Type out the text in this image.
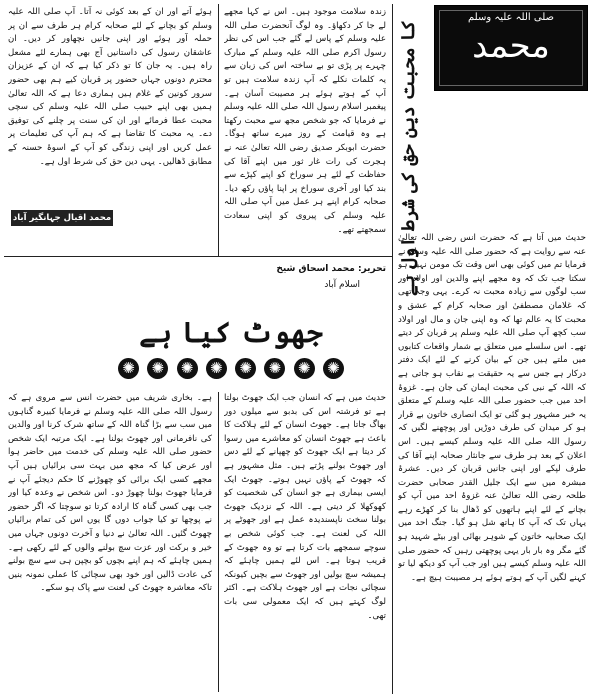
صلی اللہ علیہ وسلم
محمد
کا محبت دین حق کی شرط اول ہے

حدیث میں آتا ہے کہ حضرت انس رضی اللہ تعالیٰ عنہ سے روایت ہے کہ حضور صلی اللہ علیہ وسلم نے فرمایا تم میں کوئی بھی اس وقت تک مومن نہیں ہو سکتا جب تک کہ وہ مجھے اپنے والدین اور اولاد اور سب لوگوں سے زیادہ محبت نہ کرے۔ یہی وجہ تھی کہ غلامان مصطفیٰ اور صحابہ کرام کے عشق و محبت کا یہ عالم تھا کہ وہ اپنی جان و مال اور اولاد سب کچھ آپ صلی اللہ علیہ وسلم پر قربان کر دیتے تھے۔ اس سلسلے میں متعلق بے شمار واقعات کتابوں میں ملتے ہیں جن کے بیان کرنے کے لئے ایک دفتر درکار ہے جس سے یہ حقیقت بے نقاب ہو جاتی ہے کہ اللہ کے نبی کی محبت ایمان کی جان ہے۔ غزوۂ احد میں جب حضور صلی اللہ علیہ وسلم کے متعلق یہ خبر مشہور ہو گئی تو ایک انصاری خاتون بے قرار ہو کر میدان کی طرف دوڑیں اور پوچھنے لگیں کہ رسول اللہ صلی اللہ علیہ وسلم کیسے ہیں۔ اس اعلان کے بعد ہر طرف سے جانثار صحابہ اپنے آقا کی طرف لپکے اور اپنی جانیں قربان کر دیں۔ عشرۂ مبشرہ میں سے ایک جلیل القدر صحابی حضرت طلحہ رضی اللہ تعالیٰ عنہ غزوۂ احد میں آپ کو بچانے کے لئے اپنے ہاتھوں کو ڈھال بنا کر کھڑے رہے یہاں تک کہ آپ کا ہاتھ شل ہو گیا۔ جنگ احد میں ایک صحابیہ خاتون کے شوہر بھائی اور بیٹے شہید ہو گئے مگر وہ بار بار یہی پوچھتی رہیں کہ حضور صلی اللہ علیہ وسلم کیسے ہیں اور جب آپ کو دیکھ لیا تو کہنے لگیں آپ کے ہوتے ہوئے ہر مصیبت ہیچ ہے۔

زندہ سلامت موجود ہیں۔ اس نے کہا مجھے لے جا کر دکھاؤ۔ وہ لوگ آنحضرت صلی اللہ علیہ وسلم کے پاس لے گئے جب اس کی نظر رسول اکرم صلی اللہ علیہ وسلم کے مبارک چہرے پر پڑی تو بے ساختہ اس کی زبان سے یہ کلمات نکلے کہ آپ زندہ سلامت ہیں تو آپ کے ہوتے ہوئے ہر مصیبت آسان ہے۔ پیغمبر اسلام رسول اللہ صلی اللہ علیہ وسلم نے فرمایا کہ جو شخص مجھ سے محبت رکھتا ہے وہ قیامت کے روز میرے ساتھ ہوگا۔ حضرت ابوبکر صدیق رضی اللہ تعالیٰ عنہ نے ہجرت کی رات غار ثور میں اپنے آقا کی حفاظت کے لئے ہر سوراخ کو اپنے کپڑے سے بند کیا اور آخری سوراخ پر اپنا پاؤں رکھ دیا۔ صحابہ کرام اپنے ہر عمل میں آپ صلی اللہ علیہ وسلم کی پیروی کو اپنی سعادت سمجھتے تھے۔

ہوئے آتے اور ان کے بعد کوئی نہ آتا۔ آپ صلی اللہ علیہ وسلم کو بچانے کے لئے صحابہ کرام ہر طرف سے ان پر حملہ آور ہوئے اور اپنی جانیں نچھاور کر دیں۔ ان عاشقان رسول کی داستانیں آج بھی ہمارے لئے مشعل راہ ہیں۔ یہ جان کا تو ذکر کیا ہے کہ ان کے عزیزان محترم دونوں جہاں حضور پر قربان کیے ہم بھی حضور سرور کونین کے غلام ہیں ہماری دعا ہے کہ اللہ تعالیٰ ہمیں بھی اپنے حبیب صلی اللہ علیہ وسلم کی سچی محبت عطا فرمائے اور ان کی سنت پر چلنے کی توفیق دے۔ یہ محبت کا تقاضا ہے کہ ہم آپ کی تعلیمات پر عمل کریں اور اپنی زندگی کو آپ کے اسوۂ حسنہ کے مطابق ڈھالیں۔ یہی دین حق کی شرط اول ہے۔

محمد اقبال جہانگیر آباد
تحریر: محمد اسحاق شیخ
اسلام آباد
جھوٹ کیا ہے
✺ ✺ ✺ ✺ ✺ ✺ ✺ ✺

حدیث میں ہے کہ انسان جب ایک جھوٹ بولتا ہے تو فرشتہ اس کی بدبو سے میلوں دور بھاگ جاتا ہے۔ جھوٹ انسان کے لئے ہلاکت کا باعث ہے جھوٹ انسان کو معاشرے میں رسوا کر دیتا ہے ایک جھوٹ کو چھپانے کے لئے دس اور جھوٹ بولنے پڑتے ہیں۔ مثل مشہور ہے کہ جھوٹ کے پاؤں نہیں ہوتے۔ جھوٹ ایک ایسی بیماری ہے جو انسان کی شخصیت کو کھوکھلا کر دیتی ہے۔ اللہ کے نزدیک جھوٹ بولنا سخت ناپسندیدہ عمل ہے اور جھوٹے پر اللہ کی لعنت ہے۔ جب کوئی شخص بے سوچے سمجھے بات کرتا ہے تو وہ جھوٹ کے قریب ہوتا ہے۔ اس لئے ہمیں چاہئے کہ ہمیشہ سچ بولیں اور جھوٹ سے بچیں کیونکہ سچائی نجات ہے اور جھوٹ ہلاکت ہے۔ اکثر لوگ کہتے ہیں کہ ایک معمولی سی بات تھی۔

ہے۔ بخاری شریف میں حضرت انس سے مروی ہے کہ رسول اللہ صلی اللہ علیہ وسلم نے فرمایا کبیرہ گناہوں میں سب سے بڑا گناہ اللہ کے ساتھ شرک کرنا اور والدین کی نافرمانی اور جھوٹ بولنا ہے۔ ایک مرتبہ ایک شخص حضور صلی اللہ علیہ وسلم کی خدمت میں حاضر ہوا اور عرض کیا کہ مجھ میں بہت سی برائیاں ہیں آپ مجھے کسی ایک برائی کو چھوڑنے کا حکم دیجئے آپ نے فرمایا جھوٹ بولنا چھوڑ دو۔ اس شخص نے وعدہ کیا اور جب بھی کسی گناہ کا ارادہ کرتا تو سوچتا کہ اگر حضور نے پوچھا تو کیا جواب دوں گا یوں اس کی تمام برائیاں چھوٹ گئیں۔ اللہ تعالیٰ نے دنیا و آخرت دونوں جہاں میں خیر و برکت اور عزت سچ بولنے والوں کے لئے رکھی ہے۔ ہمیں چاہئے کہ ہم اپنے بچوں کو بچپن ہی سے سچ بولنے کی عادت ڈالیں اور خود بھی سچائی کا عملی نمونہ بنیں تاکہ معاشرہ جھوٹ کی لعنت سے پاک ہو سکے۔
